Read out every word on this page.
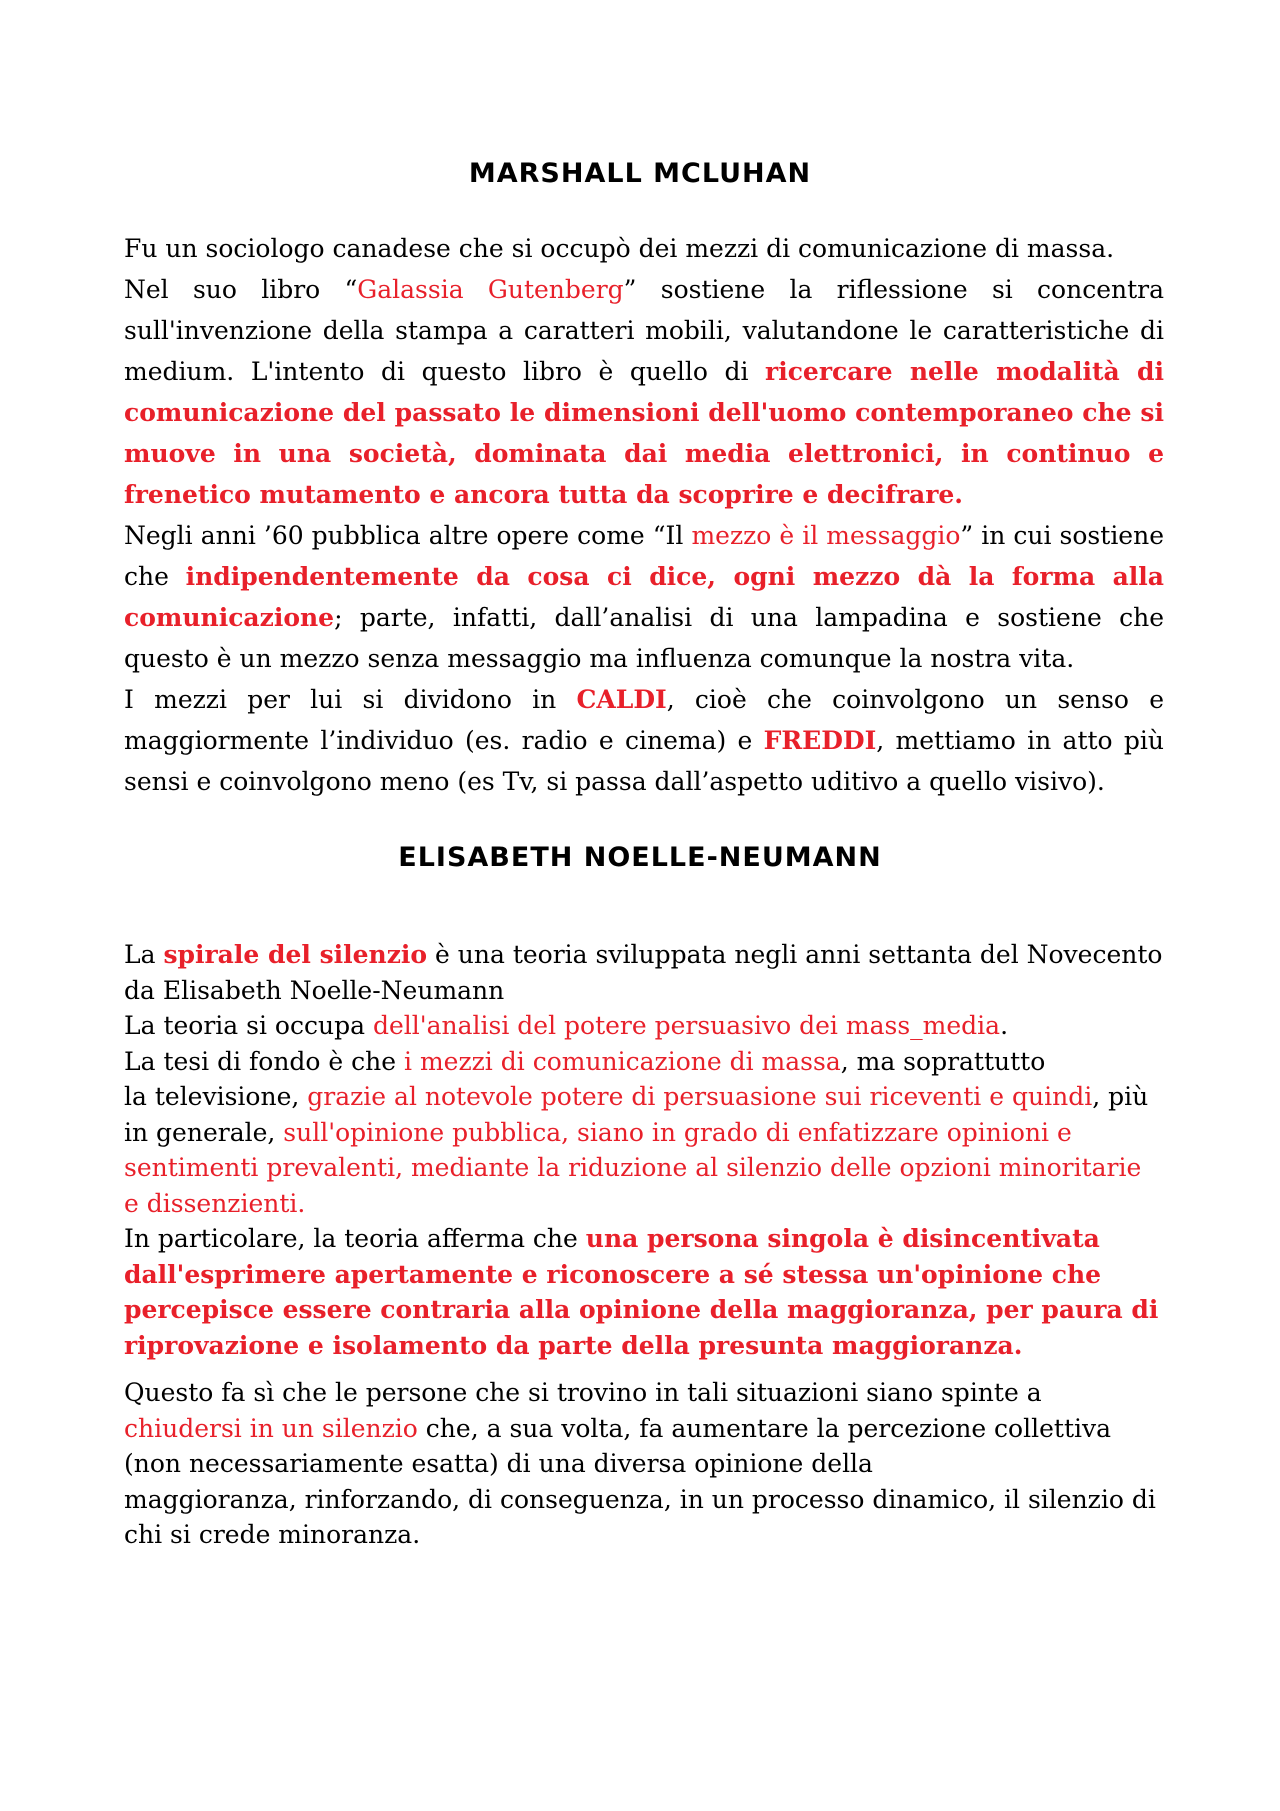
MARSHALL MCLUHAN

Fu un sociologo canadese che si occupò dei mezzi di comunicazione di massa.

Nel suo libro “Galassia Gutenberg” sostiene la riflessione si concentra sull'invenzione della stampa a caratteri mobili, valutandone le caratteristiche di medium. L'intento di questo libro è quello di ricercare nelle modalità di comunicazione del passato le dimensioni dell'uomo contemporaneo che si muove in una società, dominata dai media elettronici, in continuo e frenetico mutamento e ancora tutta da scoprire e decifrare.

Negli anni ’60 pubblica altre opere come “Il mezzo è il messaggio” in cui sostiene che indipendentemente da cosa ci dice, ogni mezzo dà la forma alla comunicazione; parte, infatti, dall’analisi di una lampadina e sostiene che questo è un mezzo senza messaggio ma influenza comunque la nostra vita.

I mezzi per lui si dividono in CALDI, cioè che coinvolgono un senso e maggiormente l’individuo (es. radio e cinema) e FREDDI, mettiamo in atto più sensi e coinvolgono meno (es Tv, si passa dall’aspetto uditivo a quello visivo).

ELISABETH NOELLE-NEUMANN

La spirale del silenzio è una teoria sviluppata negli anni settanta del Novecento da Elisabeth Noelle-Neumann

La teoria si occupa dell'analisi del potere persuasivo dei mass_media.

La tesi di fondo è che i mezzi di comunicazione di massa, ma soprattutto
la televisione, grazie al notevole potere di persuasione sui riceventi e quindi, più in generale, sull'opinione pubblica, siano in grado di enfatizzare opinioni e sentimenti prevalenti, mediante la riduzione al silenzio delle opzioni minoritarie e dissenzienti.

In particolare, la teoria afferma che una persona singola è disincentivata dall'esprimere apertamente e riconoscere a sé stessa un'opinione che percepisce essere contraria alla opinione della maggioranza, per paura di riprovazione e isolamento da parte della presunta maggioranza.

Questo fa sì che le persone che si trovino in tali situazioni siano spinte a
chiudersi in un silenzio che, a sua volta, fa aumentare la percezione collettiva
(non necessariamente esatta) di una diversa opinione della
maggioranza, rinforzando, di conseguenza, in un processo dinamico, il silenzio di chi si crede minoranza.
